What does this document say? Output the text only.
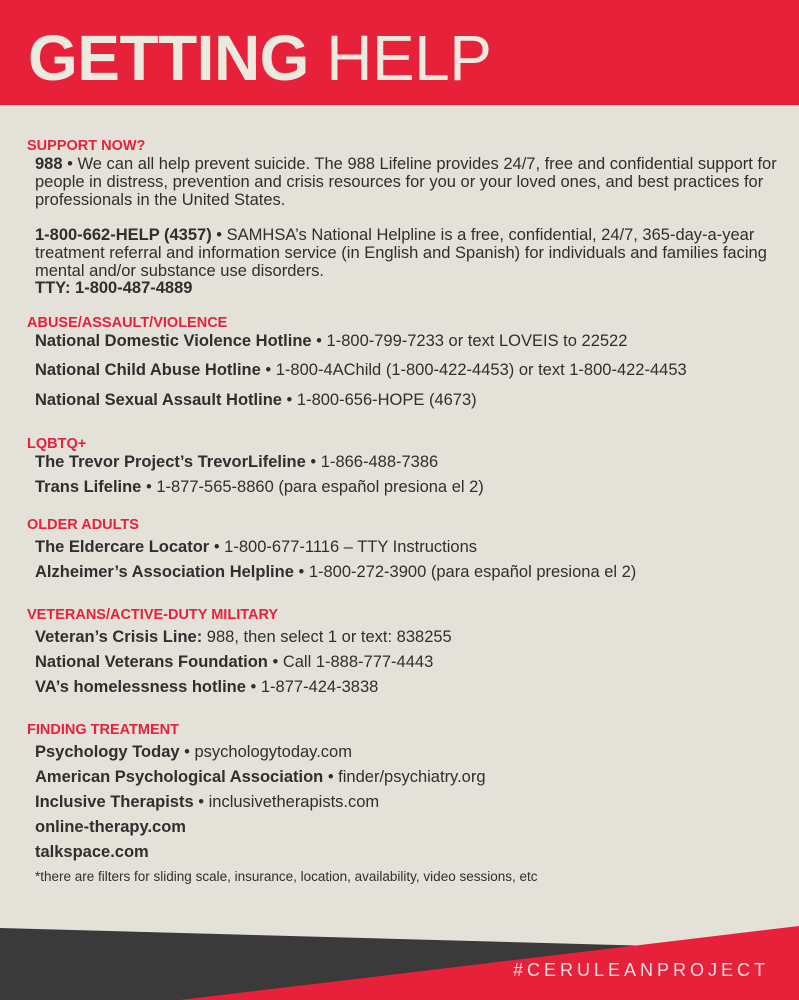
GETTING HELP
SUPPORT NOW?

988 • We can all help prevent suicide. The 988 Lifeline provides 24/7, free and confidential support for people in distress, prevention and crisis resources for you or your loved ones, and best practices for professionals in the United States.

1-800-662-HELP (4357) • SAMHSA’s National Helpline is a free, confidential, 24/7, 365-day-a-year treatment referral and information service (in English and Spanish) for individuals and families facing mental and/or substance use disorders.

TTY: 1-800-487-4889

ABUSE/ASSAULT/VIOLENCE

National Domestic Violence Hotline • 1-800-799-7233 or text LOVEIS to 22522

National Child Abuse Hotline • 1-800-4AChild (1-800-422-4453) or text 1-800-422-4453

National Sexual Assault Hotline • 1-800-656-HOPE (4673)

LQBTQ+

The Trevor Project’s TrevorLifeline • 1-866-488-7386

Trans Lifeline • 1-877-565-8860 (para español presiona el 2)

OLDER ADULTS

The Eldercare Locator • 1-800-677-1116 – TTY Instructions

Alzheimer’s Association Helpline • 1-800-272-3900 (para español presiona el 2)

VETERANS/ACTIVE-DUTY MILITARY

Veteran’s Crisis Line: 988, then select 1 or text: 838255

National Veterans Foundation • Call 1-888-777-4443

VA’s homelessness hotline • 1-877-424-3838

FINDING TREATMENT

Psychology Today • psychologytoday.com

American Psychological Association • finder/psychiatry.org

Inclusive Therapists • inclusivetherapists.com

online-therapy.com

talkspace.com

*there are filters for sliding scale, insurance, location, availability, video sessions, etc

#CERULEANPROJECT
